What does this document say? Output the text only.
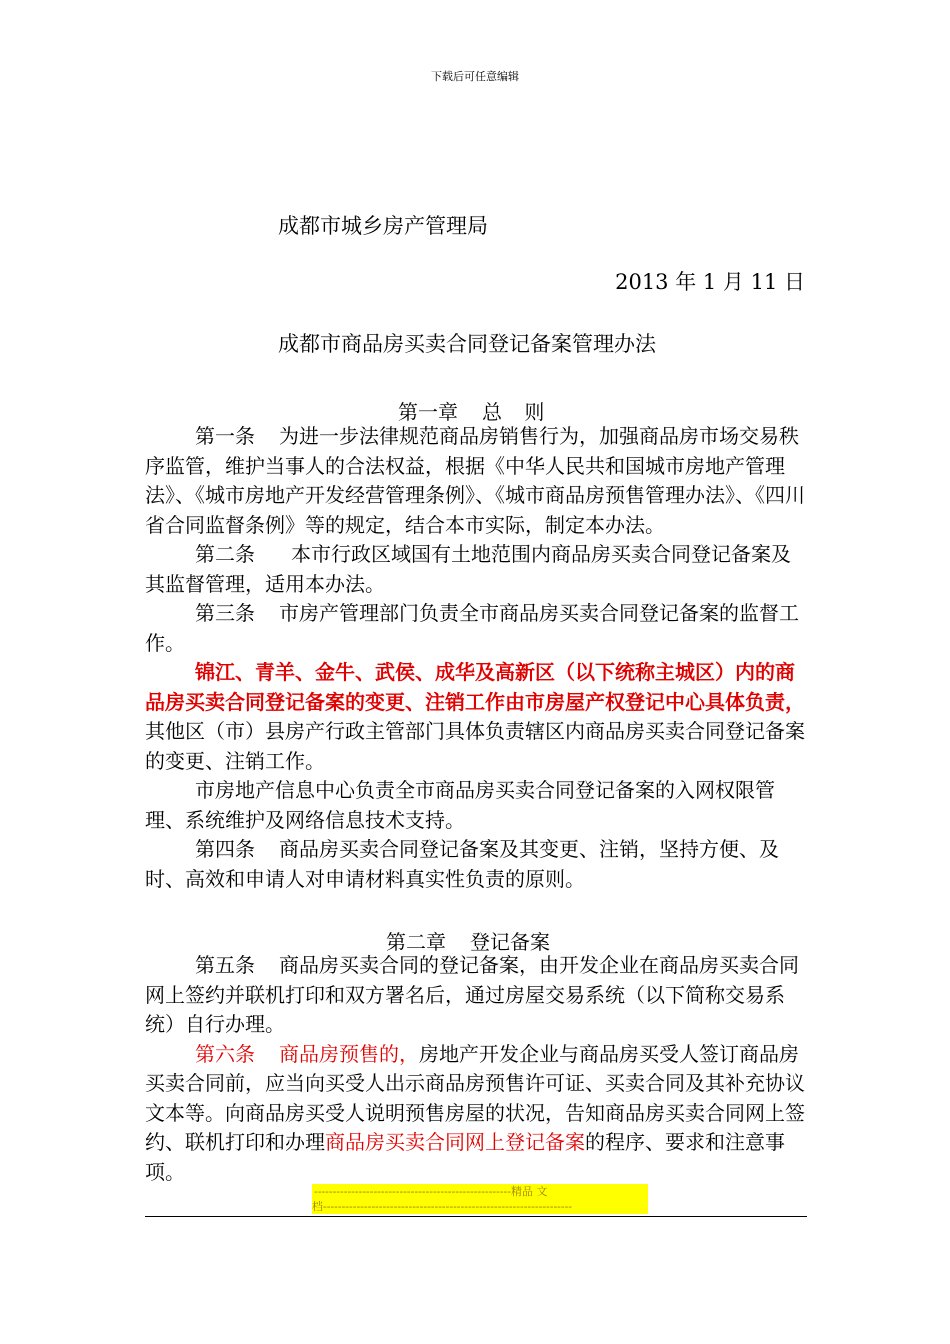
下载后可任意编辑
成都市城乡房产管理局
2013 年 1 月 11 日
成都市商品房买卖合同登记备案管理办法
第一章 总 则
第一条 为进一步法律规范商品房销售行为，加强商品房市场交易秩序监管，维护当事人的合法权益，根据《中华人民共和国城市房地产管理法》、《城市房地产开发经营管理条例》、《城市商品房预售管理办法》、《四川省合同监督条例》等的规定，结合本市实际，制定本办法。
第二条 本市行政区域国有土地范围内商品房买卖合同登记备案及其监督管理，适用本办法。
第三条 市房产管理部门负责全市商品房买卖合同登记备案的监督工作。
锦江、青羊、金牛、武侯、成华及高新区（以下统称主城区）内的商品房买卖合同登记备案的变更、注销工作由市房屋产权登记中心具体负责，其他区（市）县房产行政主管部门具体负责辖区内商品房买卖合同登记备案的变更、注销工作。
市房地产信息中心负责全市商品房买卖合同登记备案的入网权限管理、系统维护及网络信息技术支持。
第四条 商品房买卖合同登记备案及其变更、注销，坚持方便、及时、高效和申请人对申请材料真实性负责的原则。
第二章 登记备案
第五条 商品房买卖合同的登记备案，由开发企业在商品房买卖合同网上签约并联机打印和双方署名后，通过房屋交易系统（以下简称交易系统）自行办理。
第六条 商品房预售的，房地产开发企业与商品房买受人签订商品房买卖合同前，应当向买受人出示商品房预售许可证、买卖合同及其补充协议文本等。向商品房买受人说明预售房屋的状况，告知商品房买卖合同网上签约、联机打印和办理商品房买卖合同网上登记备案的程序、要求和注意事项。
-----------------------------------------------------精品 文
档-------------------------------------------------------------------
